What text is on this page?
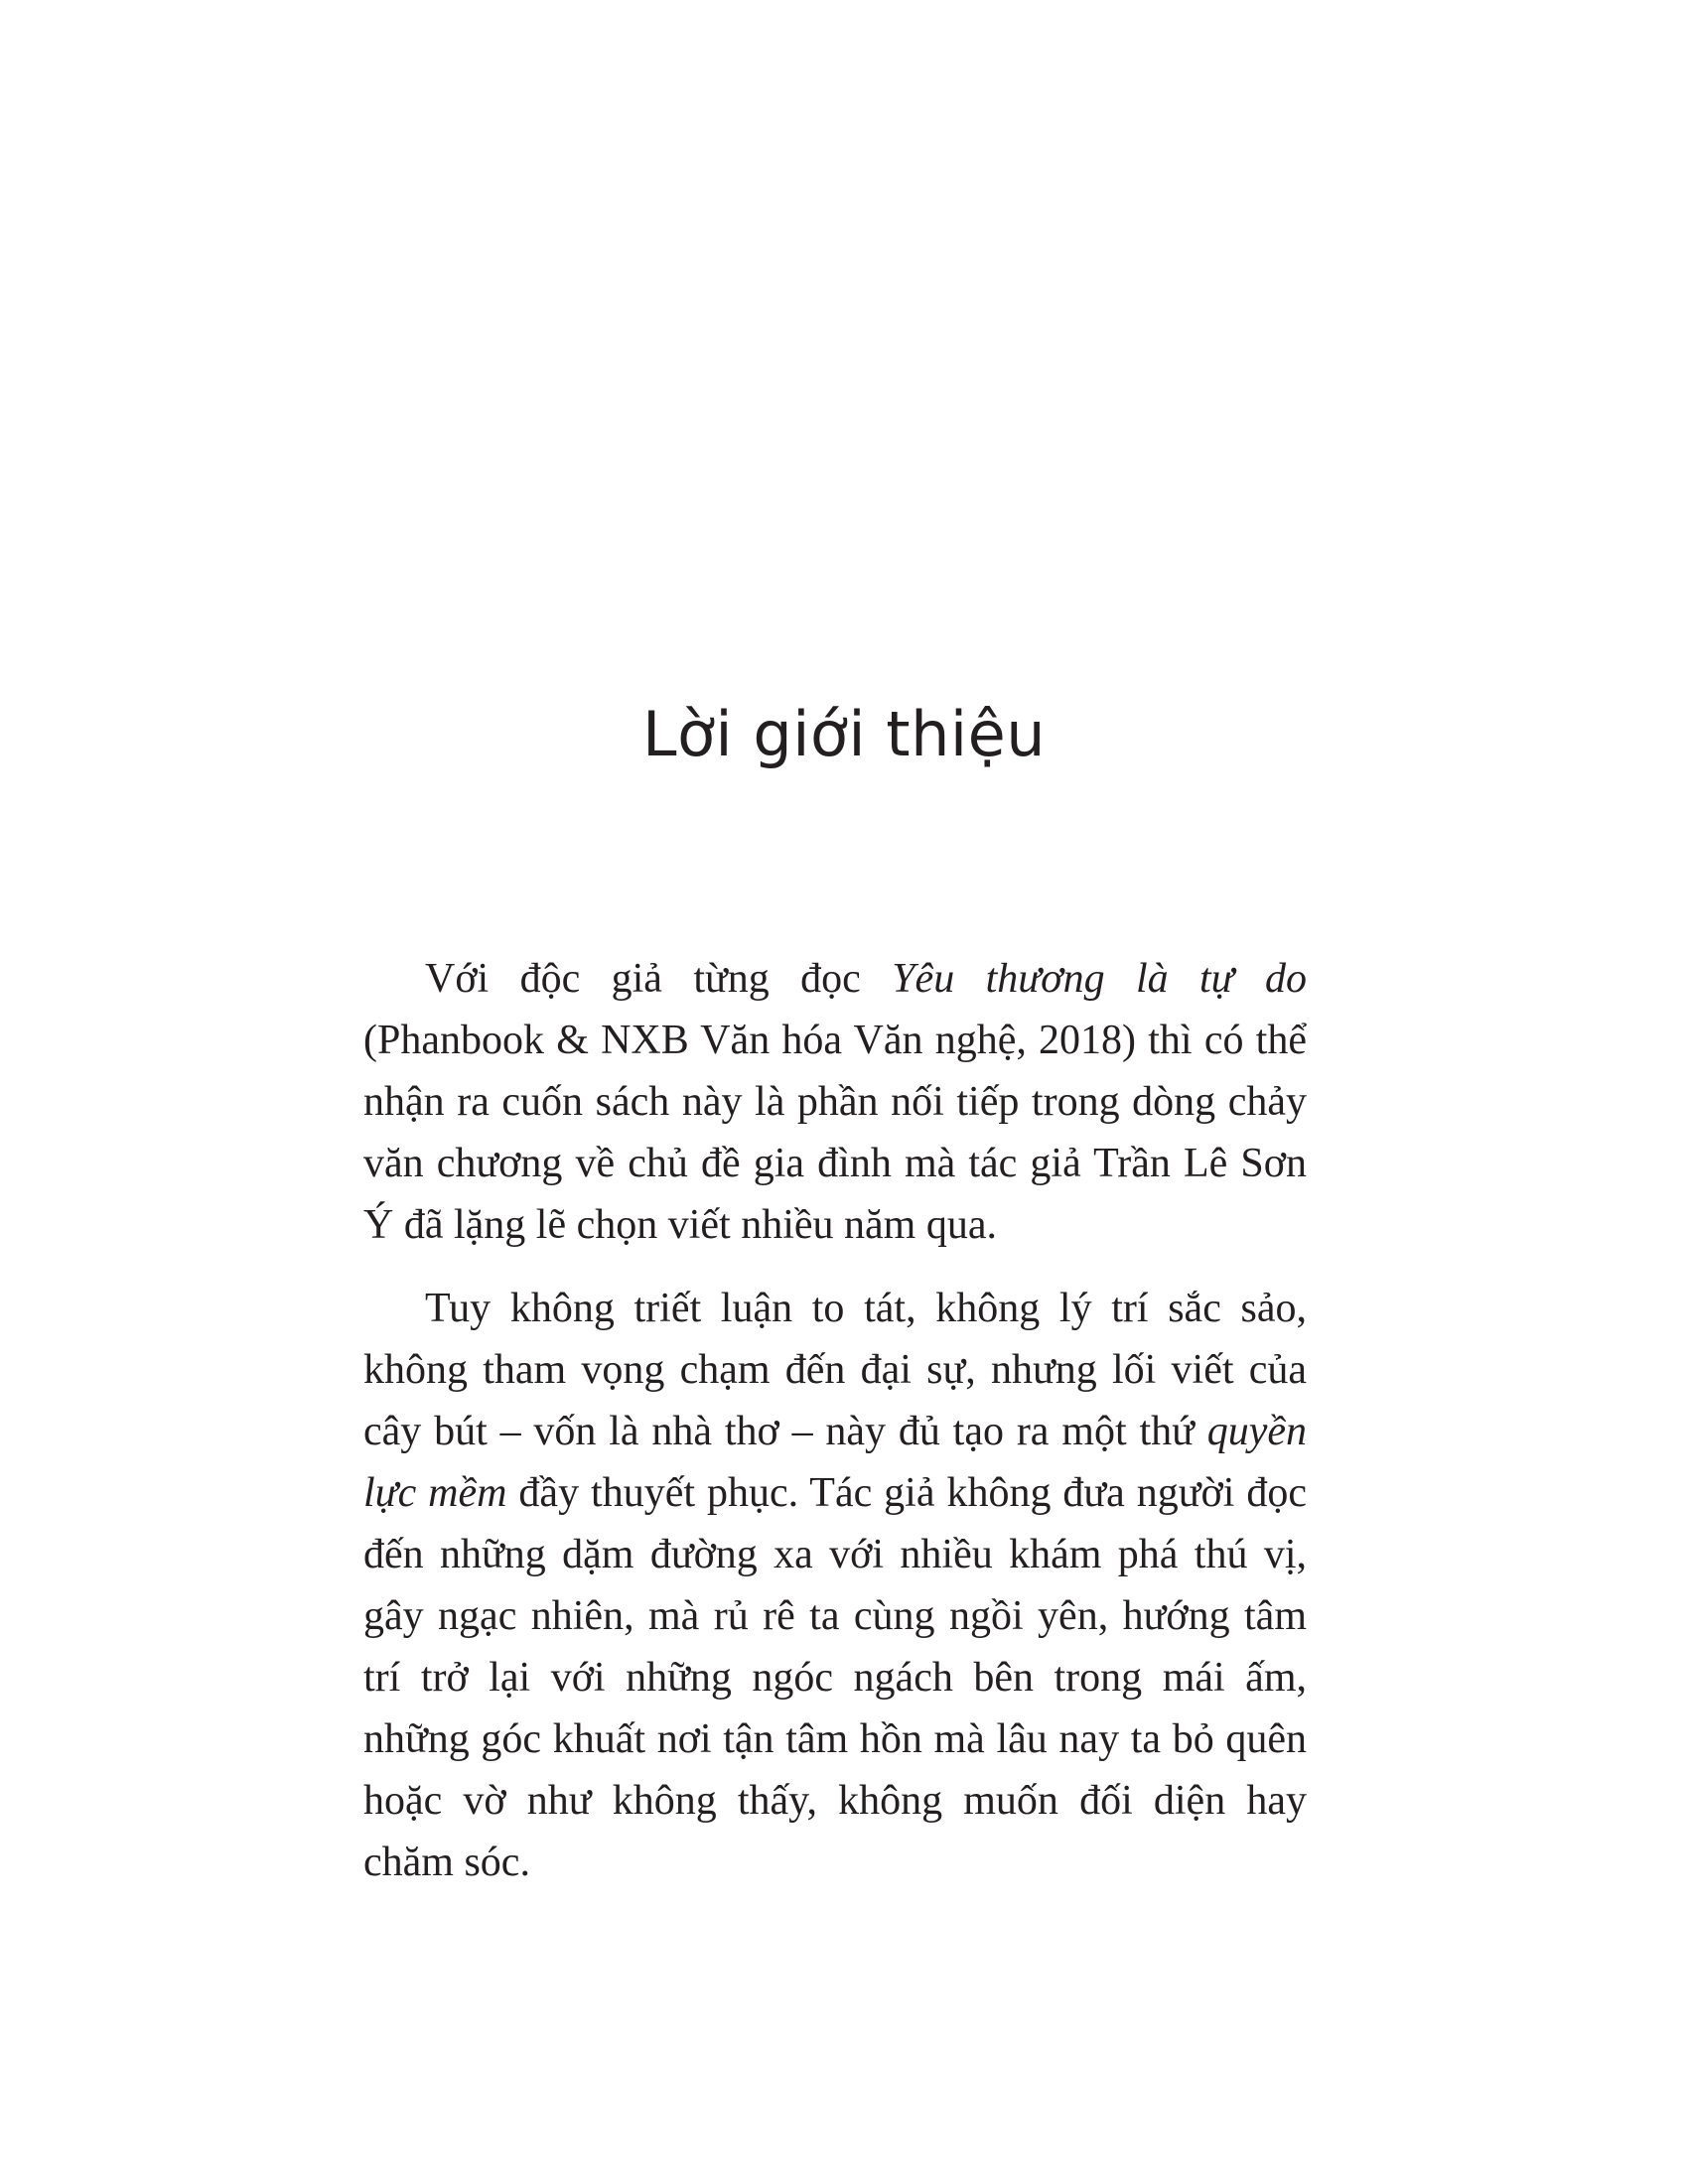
Lời giới thiệu

Với độc giả từng đọc Yêu thương là tự do (Phanbook & NXB Văn hóa Văn nghệ, 2018) thì có thể nhận ra cuốn sách này là phần nối tiếp trong dòng chảy văn chương về chủ đề gia đình mà tác giả Trần Lê Sơn Ý đã lặng lẽ chọn viết nhiều năm qua.

Tuy không triết luận to tát, không lý trí sắc sảo, không tham vọng chạm đến đại sự, nhưng lối viết của cây bút – vốn là nhà thơ – này đủ tạo ra một thứ quyền lực mềm đầy thuyết phục. Tác giả không đưa người đọc đến những dặm đường xa với nhiều khám phá thú vị, gây ngạc nhiên, mà rủ rê ta cùng ngồi yên, hướng tâm trí trở lại với những ngóc ngách bên trong mái ấm, những góc khuất nơi tận tâm hồn mà lâu nay ta bỏ quên hoặc vờ như không thấy, không muốn đối diện hay chăm sóc.
